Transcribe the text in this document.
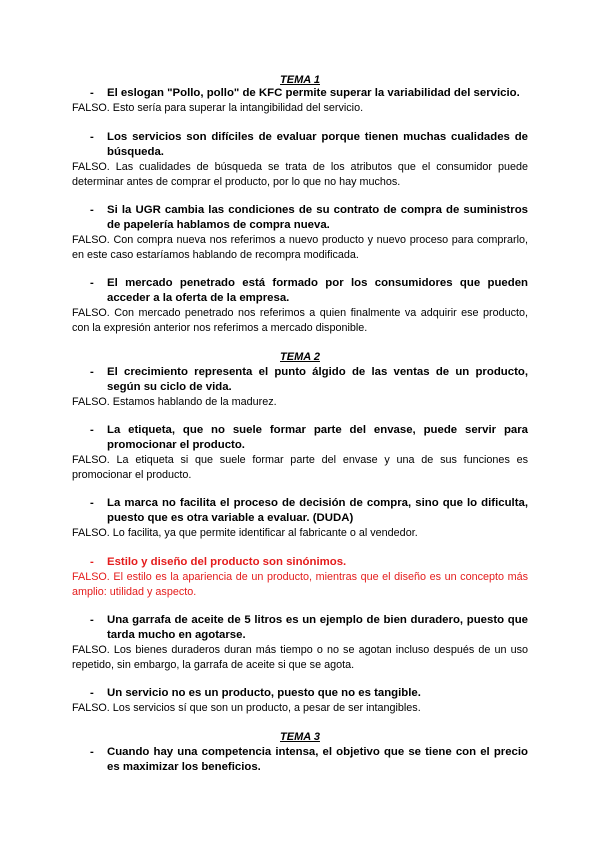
TEMA 1

-	El eslogan "Pollo, pollo" de KFC permite superar la variabilidad del servicio.
FALSO. Esto sería para superar la intangibilidad del servicio.
-	Los servicios son difíciles de evaluar porque tienen muchas cualidades de búsqueda.
FALSO. Las cualidades de búsqueda se trata de los atributos que el consumidor puede determinar antes de comprar el producto, por lo que no hay muchos.
-	Si la UGR cambia las condiciones de su contrato de compra de suministros de papelería hablamos de compra nueva.
FALSO. Con compra nueva nos referimos a nuevo producto y nuevo proceso para comprarlo, en este caso estaríamos hablando de recompra modificada.
-	El mercado penetrado está formado por los consumidores que pueden acceder a la oferta de la empresa.
FALSO. Con mercado penetrado nos referimos a quien finalmente va adquirir ese producto, con la expresión anterior nos referimos a mercado disponible.

TEMA 2

-	El crecimiento representa el punto álgido de las ventas de un producto, según su ciclo de vida.
FALSO. Estamos hablando de la madurez.
-	La etiqueta, que no suele formar parte del envase, puede servir para promocionar el producto.
FALSO. La etiqueta si que suele formar parte del envase y una de sus funciones es promocionar el producto.
-	La marca no facilita el proceso de decisión de compra, sino que lo dificulta, puesto que es otra variable a evaluar. (DUDA)
FALSO. Lo facilita, ya que permite identificar al fabricante o al vendedor.
-	Estilo y diseño del producto son sinónimos.
FALSO. El estilo es la apariencia de un producto, mientras que el diseño es un concepto más amplio: utilidad y aspecto.
-	Una garrafa de aceite de 5 litros es un ejemplo de bien duradero, puesto que tarda mucho en agotarse.
FALSO. Los bienes duraderos duran más tiempo o no se agotan incluso después de un uso repetido, sin embargo, la garrafa de aceite si que se agota.
-	Un servicio no es un producto, puesto que no es tangible.
FALSO. Los servicios sí que son un producto, a pesar de ser intangibles.

TEMA 3

-	Cuando hay una competencia intensa, el objetivo que se tiene con el precio es maximizar los beneficios.
